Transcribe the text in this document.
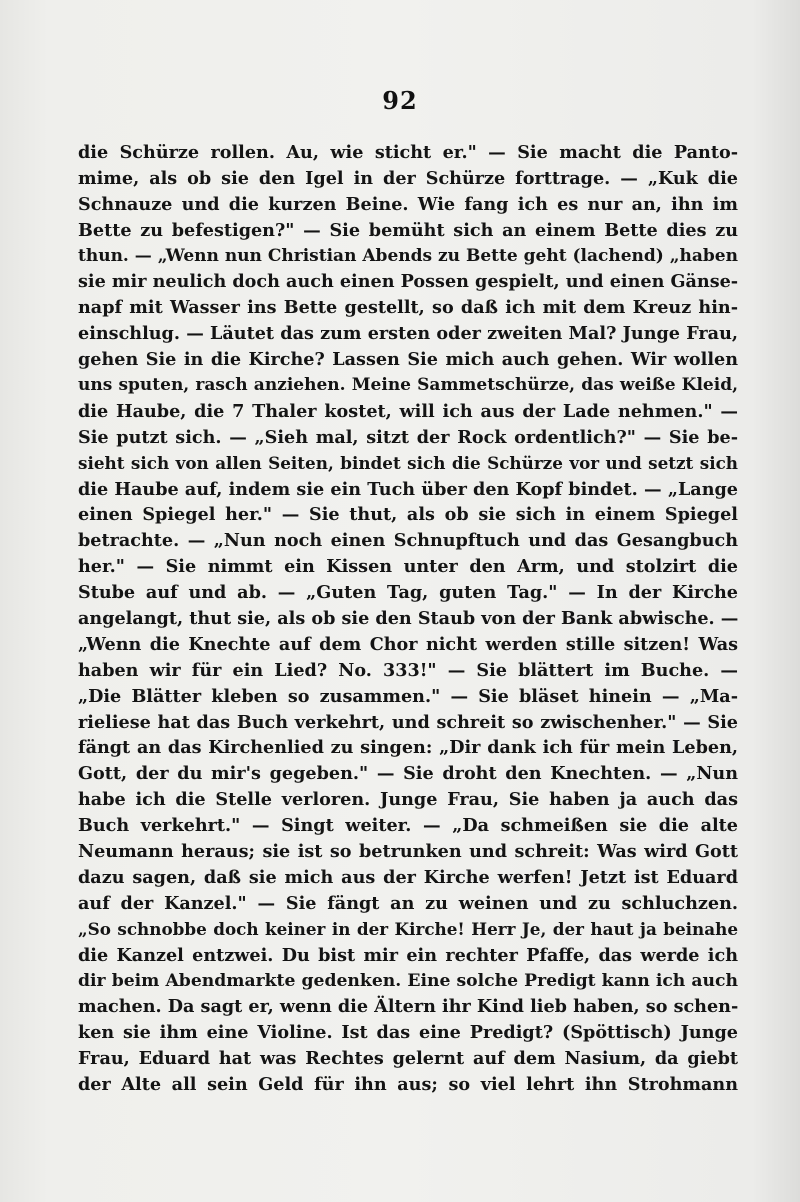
92
die Schürze rollen. Au, wie sticht er." — Sie macht die Panto-
mime, als ob sie den Igel in der Schürze forttrage. — „Kuk die
Schnauze und die kurzen Beine. Wie fang ich es nur an, ihn im
Bette zu befestigen?" — Sie bemüht sich an einem Bette dies zu
thun. — „Wenn nun Christian Abends zu Bette geht (lachend) „haben
sie mir neulich doch auch einen Possen gespielt, und einen Gänse-
napf mit Wasser ins Bette gestellt, so daß ich mit dem Kreuz hin-
einschlug. — Läutet das zum ersten oder zweiten Mal? Junge Frau,
gehen Sie in die Kirche? Lassen Sie mich auch gehen. Wir wollen
uns sputen, rasch anziehen. Meine Sammetschürze, das weiße Kleid,
die Haube, die 7 Thaler kostet, will ich aus der Lade nehmen." —
Sie putzt sich. — „Sieh mal, sitzt der Rock ordentlich?" — Sie be-
sieht sich von allen Seiten, bindet sich die Schürze vor und setzt sich
die Haube auf, indem sie ein Tuch über den Kopf bindet. — „Lange
einen Spiegel her." — Sie thut, als ob sie sich in einem Spiegel
betrachte. — „Nun noch einen Schnupftuch und das Gesangbuch
her." — Sie nimmt ein Kissen unter den Arm, und stolzirt die
Stube auf und ab. — „Guten Tag, guten Tag." — In der Kirche
angelangt, thut sie, als ob sie den Staub von der Bank abwische. —
„Wenn die Knechte auf dem Chor nicht werden stille sitzen! Was
haben wir für ein Lied? No. 333!" — Sie blättert im Buche. —
„Die Blätter kleben so zusammen." — Sie bläset hinein — „Ma-
rieliese hat das Buch verkehrt, und schreit so zwischenher." — Sie
fängt an das Kirchenlied zu singen: „Dir dank ich für mein Leben,
Gott, der du mir's gegeben." — Sie droht den Knechten. — „Nun
habe ich die Stelle verloren. Junge Frau, Sie haben ja auch das
Buch verkehrt." — Singt weiter. — „Da schmeißen sie die alte
Neumann heraus; sie ist so betrunken und schreit: Was wird Gott
dazu sagen, daß sie mich aus der Kirche werfen! Jetzt ist Eduard
auf der Kanzel." — Sie fängt an zu weinen und zu schluchzen.
„So schnobbe doch keiner in der Kirche! Herr Je, der haut ja beinahe
die Kanzel entzwei. Du bist mir ein rechter Pfaffe, das werde ich
dir beim Abendmarkte gedenken. Eine solche Predigt kann ich auch
machen. Da sagt er, wenn die Ältern ihr Kind lieb haben, so schen-
ken sie ihm eine Violine. Ist das eine Predigt? (Spöttisch) Junge
Frau, Eduard hat was Rechtes gelernt auf dem Nasium, da giebt
der Alte all sein Geld für ihn aus; so viel lehrt ihn Strohmann
